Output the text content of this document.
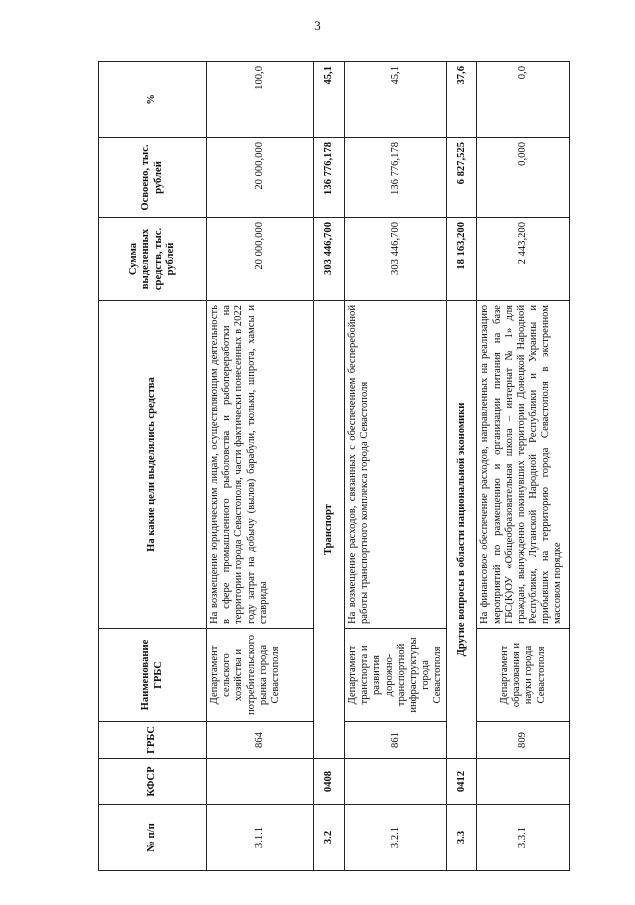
3
№ п/п	КФСР	ГРБС	Наименование ГРБС	На какие цели выделялись средства	Сумма выделенных средств, тыс. рублей	Освоено, тыс. рублей	%
3.1.1		864	Департамент сельского хозяйства и потребительского рынка города Севастополя	На возмещение юридическим лицам, осуществляющим деятельность в сфере промышленного рыболовства и рыбопереработки на территории города Севастополя, части фактически понесенных в 2022 году затрат на добычу (вылов) барабули, тюльки, шпрота, хамсы и ставриды	20 000,000	20 000,000	100,0
3.2	0408	Транспорт			303 446,700	136 776,178	45,1
3.2.1		861	Департамент транспорта и развития дорожно-транспортной инфраструктуры города Севастополя	На возмещение расходов, связанных с обеспечением бесперебойной работы транспортного комплекса города Севастополя	303 446,700	136 776,178	45,1
3.3	0412	Другие вопросы в области национальной экономики			18 163,200	6 827,525	37,6
3.3.1		809	Департамент образования и науки города Севастополя	На финансовое обеспечение расходов, направленных на реализацию мероприятий по размещению и организации питания на базе ГБС(К)ОУ «Общеобразовательная школа – интернат № 1» для граждан, вынужденно покинувших территории Донецкой Народной Республики, Луганской Народной Республики и Украины и прибывших на территорию города Севастополя в экстренном массовом порядке	2 443,200	0,000	0,0
